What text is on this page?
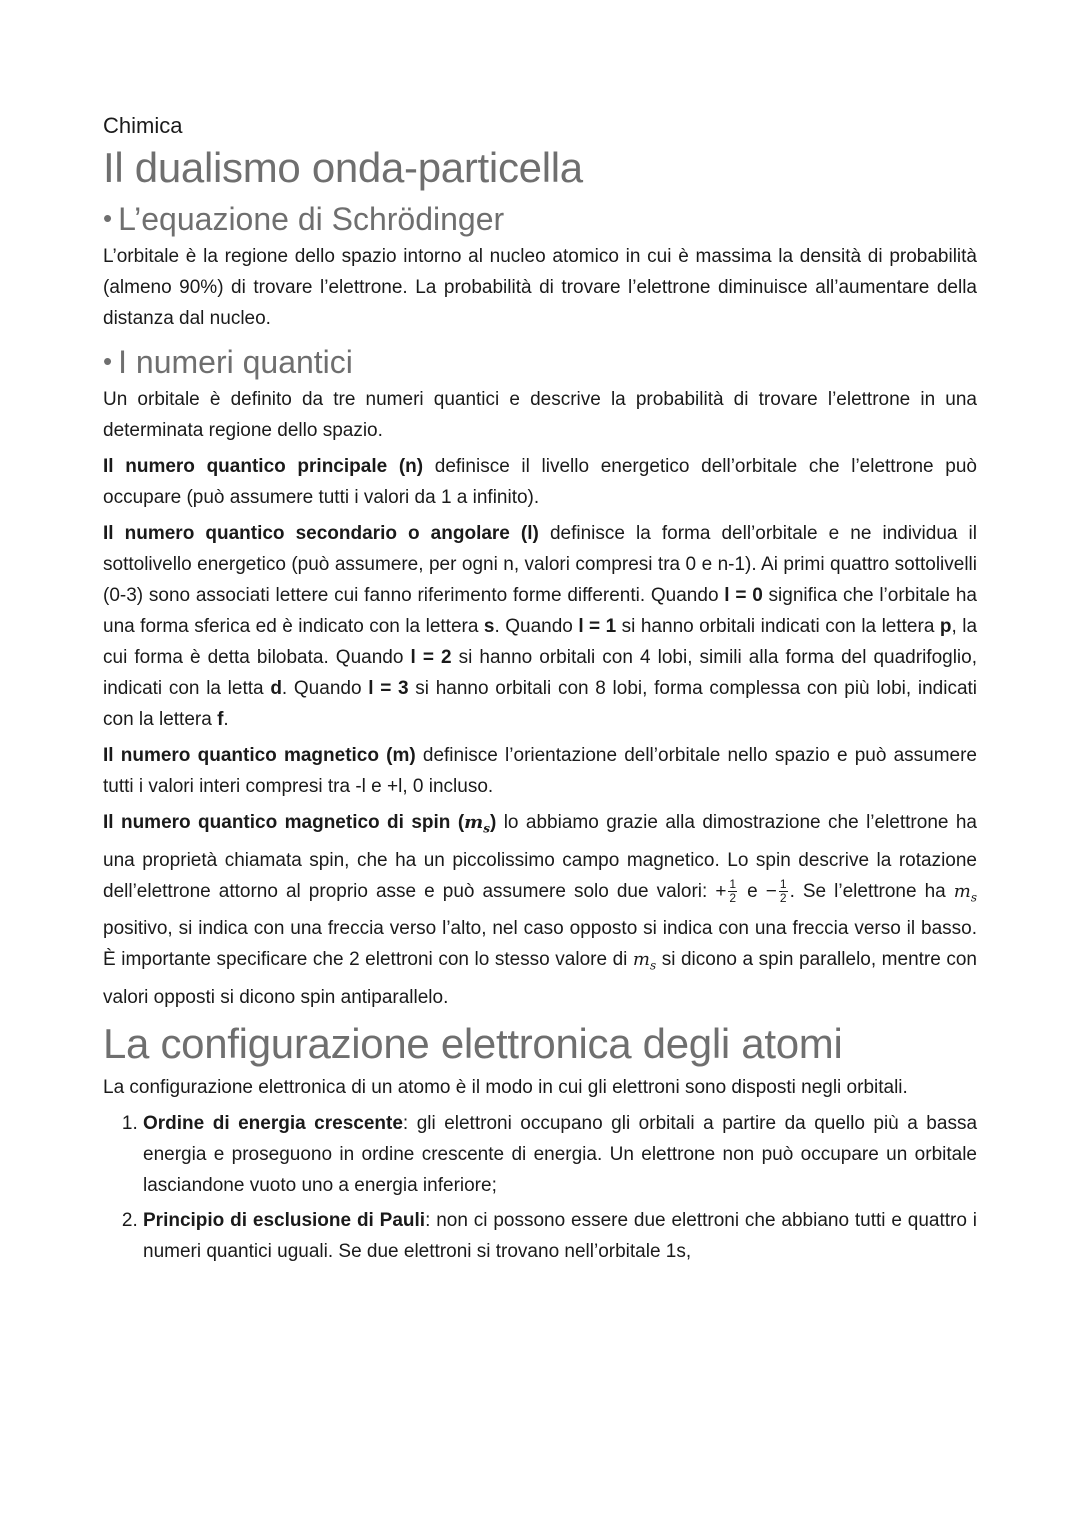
Chimica
Il dualismo onda-particella
• L’equazione di Schrödinger

L’orbitale è la regione dello spazio intorno al nucleo atomico in cui è massima la densità di probabilità (almeno 90%) di trovare l’elettrone. La probabilità di trovare l’elettrone diminuisce all’aumentare della distanza dal nucleo.

• I numeri quantici

Un orbitale è definito da tre numeri quantici e descrive la probabilità di trovare l’elettrone in una determinata regione dello spazio.

Il numero quantico principale (n) definisce il livello energetico dell’orbitale che l’elettrone può occupare (può assumere tutti i valori da 1 a infinito).

Il numero quantico secondario o angolare (l) definisce la forma dell’orbitale e ne individua il sottolivello energetico (può assumere, per ogni n, valori compresi tra 0 e n-1). Ai primi quattro sottolivelli (0-3) sono associati lettere cui fanno riferimento forme differenti. Quando l = 0 significa che l’orbitale ha una forma sferica ed è indicato con la lettera s. Quando l = 1 si hanno orbitali indicati con la lettera p, la cui forma è detta bilobata. Quando l = 2 si hanno orbitali con 4 lobi, simili alla forma del quadrifoglio, indicati con la letta d. Quando l = 3 si hanno orbitali con 8 lobi, forma complessa con più lobi, indicati con la lettera f.

Il numero quantico magnetico (m) definisce l’orientazione dell’orbitale nello spazio e può assumere tutti i valori interi compresi tra -l e +l, 0 incluso.

Il numero quantico magnetico di spin $(m_s)$ lo abbiamo grazie alla dimostrazione che l’elettrone ha una proprietà chiamata spin, che ha un piccolissimo campo magnetico. Lo spin descrive la rotazione dell’elettrone attorno al proprio asse e può assumere solo due valori: + $\frac{1}{2}$ $e - \frac{1}{2}$ . Se l’elettrone ha $m_s$ positivo, si indica con una freccia verso l’alto, nel caso opposto si indica con una freccia verso il basso. È importante specificare che 2 elettroni con lo stesso valore di $m_s$ si dicono a spin parallelo, mentre con valori opposti si dicono spin antiparallelo.

La configurazione elettronica degli atomi

La configurazione elettronica di un atomo è il modo in cui gli elettroni sono disposti negli orbitali.

1. Ordine di energia crescente: gli elettroni occupano gli orbitali a partire da quello più a bassa energia e proseguono in ordine crescente di energia. Un elettrone non può occupare un orbitale lasciandone vuoto uno a energia inferiore;
2. Principio di esclusione di Pauli: non ci possono essere due elettroni che abbiano tutti e quattro i numeri quantici uguali. Se due elettroni si trovano nell’orbitale 1s,
